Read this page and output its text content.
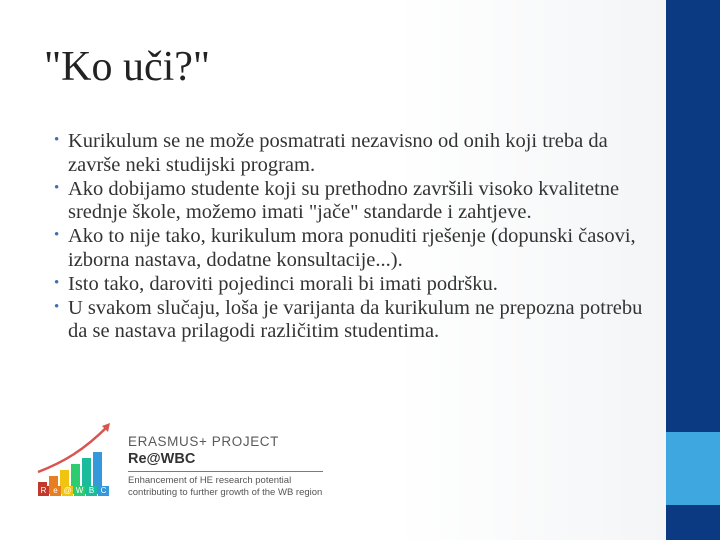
"Ko uči?"
• Kurikulum se ne može posmatrati nezavisno od onih koji treba da završe neki studijski program.
• Ako dobijamo studente koji su prethodno završili visoko kvalitetne srednje škole, možemo imati "jače" standarde i zahtjeve.
• Ako to nije tako, kurikulum mora ponuditi rješenje (dopunski časovi, izborna nastava, dodatne konsultacije...).
• Isto tako, daroviti pojedinci morali bi imati podršku.
• U svakom slučaju, loša je varijanta da kurikulum ne prepozna potrebu da se nastava prilagodi različitim studentima.
R e @ W B C
ERASMUS+ PROJECT
Re@WBC
Enhancement of HE research potential
contributing to further growth of the WB region
